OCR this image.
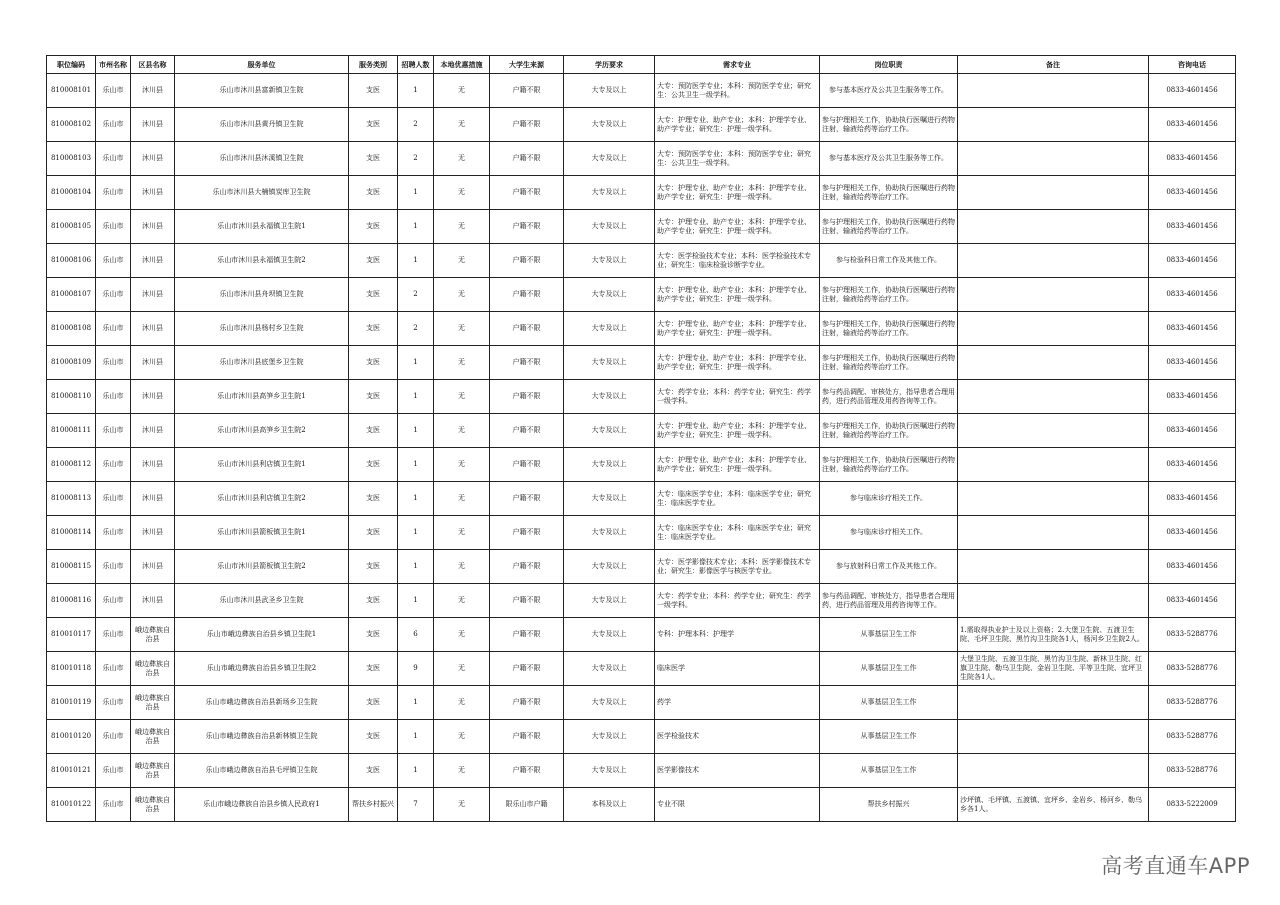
职位编码	市州名称	区县名称	服务单位	服务类别	招聘人数	本地优惠措施	大学生来源	学历要求	需求专业	岗位职责	备注	咨询电话
810008101	乐山市	沐川县	乐山市沐川县富新镇卫生院	支医	1	无	户籍不限	大专及以上	大专：预防医学专业；本科：预防医学专业；研究生：公共卫生一级学科。	参与基本医疗及公共卫生服务等工作。		0833-4601456
810008102	乐山市	沐川县	乐山市沐川县黄丹镇卫生院	支医	2	无	户籍不限	大专及以上	大专：护理专业、助产专业；本科：护理学专业、助产学专业；研究生：护理一级学科。	参与护理相关工作，协助执行医嘱进行药物注射，输液给药等治疗工作。		0833-4601456
810008103	乐山市	沐川县	乐山市沐川县沐溪镇卫生院	支医	2	无	户籍不限	大专及以上	大专：预防医学专业；本科：预防医学专业；研究生：公共卫生一级学科。	参与基本医疗及公共卫生服务等工作。		0833-4601456
810008104	乐山市	沐川县	乐山市沐川县大楠镇炭库卫生院	支医	1	无	户籍不限	大专及以上	大专：护理专业、助产专业；本科：护理学专业、助产学专业；研究生：护理一级学科。	参与护理相关工作，协助执行医嘱进行药物注射，输液给药等治疗工作。		0833-4601456
810008105	乐山市	沐川县	乐山市沐川县永福镇卫生院1	支医	1	无	户籍不限	大专及以上	大专：护理专业、助产专业；本科：护理学专业、助产学专业；研究生：护理一级学科。	参与护理相关工作，协助执行医嘱进行药物注射，输液给药等治疗工作。		0833-4601456
810008106	乐山市	沐川县	乐山市沐川县永福镇卫生院2	支医	1	无	户籍不限	大专及以上	大专：医学检验技术专业；本科：医学检验技术专业；研究生：临床检验诊断学专业。	参与检验科日常工作及其他工作。		0833-4601456
810008107	乐山市	沐川县	乐山市沐川县舟坝镇卫生院	支医	2	无	户籍不限	大专及以上	大专：护理专业、助产专业；本科：护理学专业、助产学专业；研究生：护理一级学科。	参与护理相关工作，协助执行医嘱进行药物注射，输液给药等治疗工作。		0833-4601456
810008108	乐山市	沐川县	乐山市沐川县杨村乡卫生院	支医	2	无	户籍不限	大专及以上	大专：护理专业、助产专业；本科：护理学专业、助产学专业；研究生：护理一级学科。	参与护理相关工作，协助执行医嘱进行药物注射，输液给药等治疗工作。		0833-4601456
810008109	乐山市	沐川县	乐山市沐川县底堡乡卫生院	支医	1	无	户籍不限	大专及以上	大专：护理专业、助产专业；本科：护理学专业、助产学专业；研究生：护理一级学科。	参与护理相关工作，协助执行医嘱进行药物注射，输液给药等治疗工作。		0833-4601456
810008110	乐山市	沐川县	乐山市沐川县高笋乡卫生院1	支医	1	无	户籍不限	大专及以上	大专：药学专业；本科：药学专业；研究生：药学一级学科。	参与药品调配、审核处方，指导患者合理用药，进行药品管理及用药咨询等工作。		0833-4601456
810008111	乐山市	沐川县	乐山市沐川县高笋乡卫生院2	支医	1	无	户籍不限	大专及以上	大专：护理专业、助产专业；本科：护理学专业、助产学专业；研究生：护理一级学科。	参与护理相关工作，协助执行医嘱进行药物注射，输液给药等治疗工作。		0833-4601456
810008112	乐山市	沐川县	乐山市沐川县利店镇卫生院1	支医	1	无	户籍不限	大专及以上	大专：护理专业、助产专业；本科：护理学专业、助产学专业；研究生：护理一级学科。	参与护理相关工作，协助执行医嘱进行药物注射，输液给药等治疗工作。		0833-4601456
810008113	乐山市	沐川县	乐山市沐川县利店镇卫生院2	支医	1	无	户籍不限	大专及以上	大专：临床医学专业；本科：临床医学专业；研究生：临床医学专业。	参与临床诊疗相关工作。		0833-4601456
810008114	乐山市	沐川县	乐山市沐川县箭板镇卫生院1	支医	1	无	户籍不限	大专及以上	大专：临床医学专业；本科：临床医学专业；研究生：临床医学专业。	参与临床诊疗相关工作。		0833-4601456
810008115	乐山市	沐川县	乐山市沐川县箭板镇卫生院2	支医	1	无	户籍不限	大专及以上	大专：医学影像技术专业；本科：医学影像技术专业；研究生：影像医学与核医学专业。	参与放射科日常工作及其他工作。		0833-4601456
810008116	乐山市	沐川县	乐山市沐川县武圣乡卫生院	支医	1	无	户籍不限	大专及以上	大专：药学专业；本科：药学专业；研究生：药学一级学科。	参与药品调配、审核处方，指导患者合理用药，进行药品管理及用药咨询等工作。		0833-4601456
810010117	乐山市	峨边彝族自治县	乐山市峨边彝族自治县乡镇卫生院1	支医	6	无	户籍不限	大专及以上	专科：护理本科：护理学	从事基层卫生工作	1.需取得执业护士及以上资格；2.大堡卫生院、五渡卫生院、毛坪卫生院、黑竹沟卫生院各1人，杨河乡卫生院2人。	0833-5288776
810010118	乐山市	峨边彝族自治县	乐山市峨边彝族自治县乡镇卫生院2	支医	9	无	户籍不限	大专及以上	临床医学	从事基层卫生工作	大堡卫生院、五渡卫生院、黑竹沟卫生院、新林卫生院、红旗卫生院、勒乌卫生院、金岩卫生院、平等卫生院、宜坪卫生院各1人。	0833-5288776
810010119	乐山市	峨边彝族自治县	乐山市峨边彝族自治县新场乡卫生院	支医	1	无	户籍不限	大专及以上	药学	从事基层卫生工作		0833-5288776
810010120	乐山市	峨边彝族自治县	乐山市峨边彝族自治县新林镇卫生院	支医	1	无	户籍不限	大专及以上	医学检验技术	从事基层卫生工作		0833-5288776
810010121	乐山市	峨边彝族自治县	乐山市峨边彝族自治县毛坪镇卫生院	支医	1	无	户籍不限	大专及以上	医学影像技术	从事基层卫生工作		0833-5288776
810010122	乐山市	峨边彝族自治县	乐山市峨边彝族自治县乡镇人民政府1	帮扶乡村振兴	7	无	限乐山市户籍	本科及以上	专业不限	帮扶乡村振兴	沙坪镇、毛坪镇、五渡镇、宜坪乡、金岩乡、杨河乡、勒乌乡各1人。	0833-5222009
高考直通车APP
